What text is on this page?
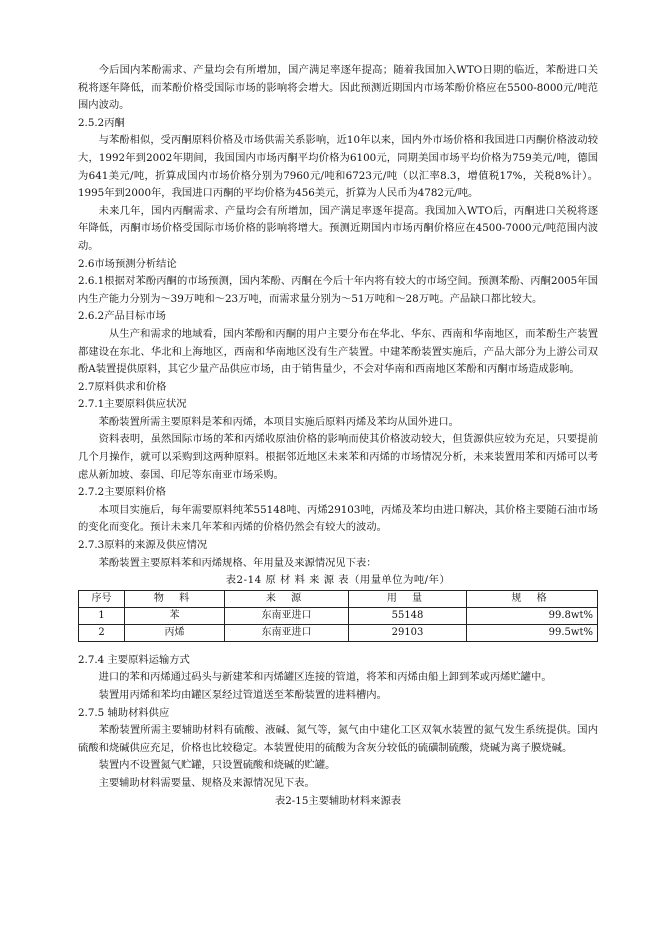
今后国内苯酚需求、产量均会有所增加，国产满足率逐年提高；随着我国加入WTO日期的临近，苯酚进口关税将逐年降低，而苯酚价格受国际市场的影响将会增大。因此预测近期国内市场苯酚价格应在5500-8000元/吨范围内波动。

2.5.2丙酮

与苯酚相似，受丙酮原料价格及市场供需关系影响，近10年以来，国内外市场价格和我国进口丙酮价格波动较大，1992年到2002年期间，我国国内市场丙酮平均价格为6100元，同期美国市场平均价格为759美元/吨，德国为641美元/吨，折算成国内市场价格分别为7960元/吨和6723元/吨（以汇率8.3，增值税17%，关税8%计）。1995年到2000年，我国进口丙酮的平均价格为456美元，折算为人民币为4782元/吨。

未来几年，国内丙酮需求、产量均会有所增加，国产满足率逐年提高。我国加入WTO后，丙酮进口关税将逐年降低，丙酮市场价格受国际市场价格的影响将增大。预测近期国内市场丙酮价格应在4500-7000元/吨范围内波动。

2.6市场预测分析结论

2.6.1根据对苯酚丙酮的市场预测，国内苯酚、丙酮在今后十年内将有较大的市场空间。预测苯酚、丙酮2005年国内生产能力分别为～39万吨和～23万吨，而需求量分别为～51万吨和～28万吨。产品缺口都比较大。

2.6.2产品目标市场

从生产和需求的地域看，国内苯酚和丙酮的用户主要分布在华北、华东、西南和华南地区，而苯酚生产装置都建设在东北、华北和上海地区，西南和华南地区没有生产装置。中建苯酚装置实施后，产品大部分为上游公司双酚A装置提供原料，其它少量产品供应市场，由于销售量少，不会对华南和西南地区苯酚和丙酮市场造成影响。

2.7原料供求和价格

2.7.1主要原料供应状况

苯酚装置所需主要原料是苯和丙烯，本项目实施后原料丙烯及苯均从国外进口。

资料表明，虽然国际市场的苯和丙烯收原油价格的影响而使其价格波动较大，但货源供应较为充足，只要提前几个月操作，就可以采购到这两种原料。根据邻近地区未来苯和丙烯的市场情况分析，未来装置用苯和丙烯可以考虑从新加坡、泰国、印尼等东南亚市场采购。

2.7.2主要原料价格

本项目实施后，每年需要原料纯苯55148吨、丙烯29103吨，丙烯及苯均由进口解决，其价格主要随石油市场的变化而变化。预计未来几年苯和丙烯的价格仍然会有较大的波动。

2.7.3原料的来源及供应情况

苯酚装置主要原料苯和丙烯规格、年用量及来源情况见下表：

表2-14 原 材 料 来 源 表（用量单位为吨/年）

序号	物 料	来 源	用 量	规 格
1	苯	东南亚进口	55148	99.8wt%
2	丙烯	东南亚进口	29103	99.5wt%

2.7.4 主要原料运输方式

进口的苯和丙烯通过码头与新建苯和丙烯罐区连接的管道，将苯和丙烯由船上卸到苯或丙烯贮罐中。

装置用丙烯和苯均由罐区泵经过管道送至苯酚装置的进料槽内。

2.7.5 辅助材料供应

苯酚装置所需主要辅助材料有硫酸、液碱、氮气等，氮气由中建化工区双氧水装置的氮气发生系统提供。国内硫酸和烧碱供应充足，价格也比较稳定。本装置使用的硫酸为含灰分较低的硫磺制硫酸，烧碱为离子膜烧碱。

装置内不设置氮气贮罐，只设置硫酸和烧碱的贮罐。

主要辅助材料需要量、规格及来源情况见下表。

表2-15主要辅助材料来源表
